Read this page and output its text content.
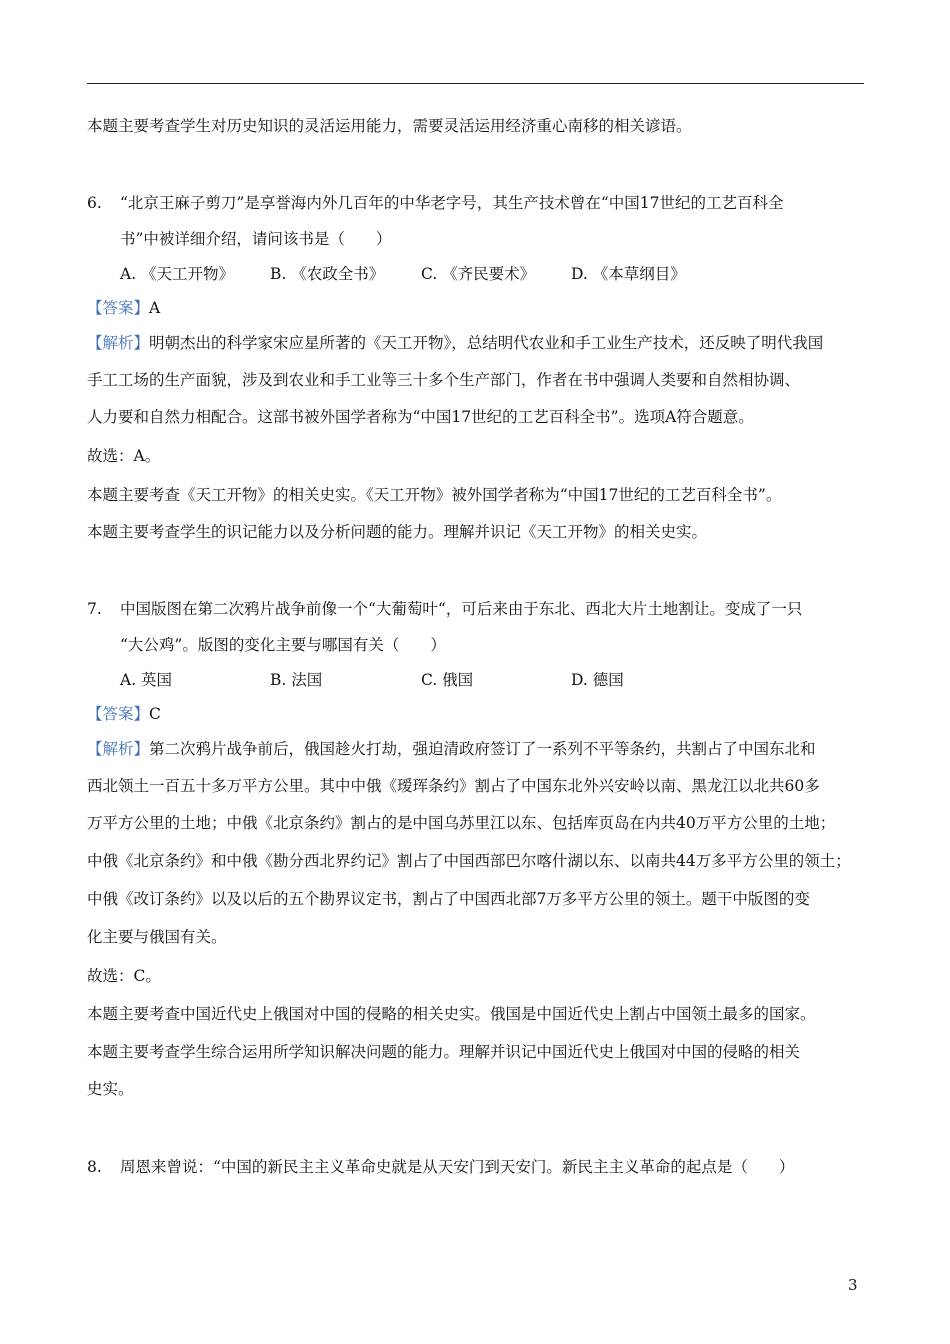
本题主要考查学生对历史知识的灵活运用能力，需要灵活运用经济重心南移的相关谚语。
6. “北京王麻子剪刀”是享誉海内外几百年的中华老字号，其生产技术曾在“中国17世纪的工艺百科全
书”中被详细介绍，请问该书是（　　）
A. 《天工开物》 B. 《农政全书》 C. 《齐民要术》 D. 《本草纲目》
【答案】A
【解析】明朝杰出的科学家宋应星所著的《天工开物》，总结明代农业和手工业生产技术，还反映了明代我国
手工工场的生产面貌，涉及到农业和手工业等三十多个生产部门，作者在书中强调人类要和自然相协调、
人力要和自然力相配合。这部书被外国学者称为“中国17世纪的工艺百科全书”。选项A符合题意。
故选：A。
本题主要考查《天工开物》的相关史实。《天工开物》被外国学者称为“中国17世纪的工艺百科全书”。
本题主要考查学生的识记能力以及分析问题的能力。理解并识记《天工开物》的相关史实。
7. 中国版图在第二次鸦片战争前像一个“大葡萄叶“，可后来由于东北、西北大片土地割让。变成了一只
“大公鸡”。版图的变化主要与哪国有关（　　）
A. 英国	B. 法国	C. 俄国	D. 德国
【答案】C
【解析】第二次鸦片战争前后，俄国趁火打劫，强迫清政府签订了一系列不平等条约，共割占了中国东北和
西北领土一百五十多万平方公里。其中中俄《瑷珲条约》割占了中国东北外兴安岭以南、黑龙江以北共60多
万平方公里的土地；中俄《北京条约》割占的是中国乌苏里江以东、包括库页岛在内共40万平方公里的土地；
中俄《北京条约》和中俄《勘分西北界约记》割占了中国西部巴尔喀什湖以东、以南共44万多平方公里的领土；
中俄《改订条约》以及以后的五个勘界议定书，割占了中国西北部7万多平方公里的领土。题干中版图的变
化主要与俄国有关。
故选：C。
本题主要考查中国近代史上俄国对中国的侵略的相关史实。俄国是中国近代史上割占中国领土最多的国家。
本题主要考查学生综合运用所学知识解决问题的能力。理解并识记中国近代史上俄国对中国的侵略的相关
史实。
8. 周恩来曾说：“中国的新民主主义革命史就是从天安门到天安门。新民主主义革命的起点是（　　）
3
